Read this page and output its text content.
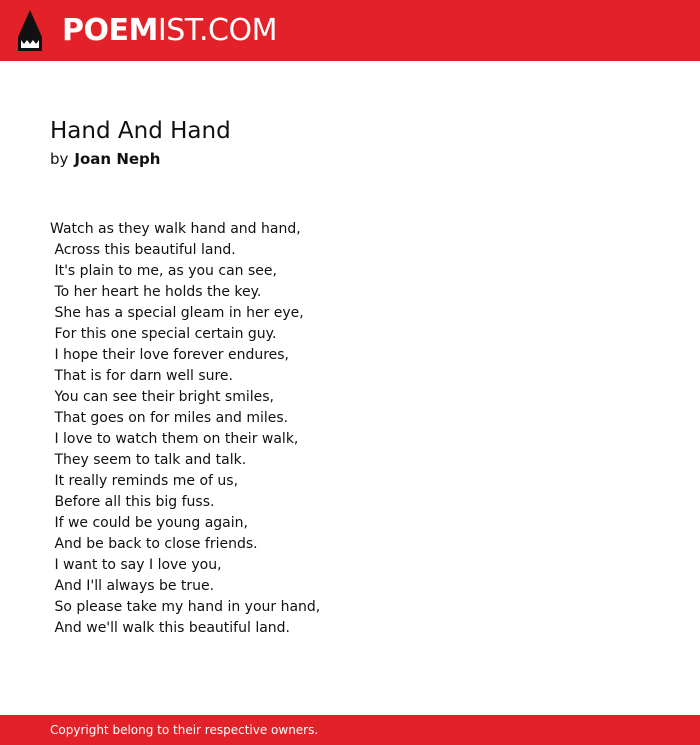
POEMIST.COM
Hand And Hand
by Joan Neph
Watch as they walk hand and hand,
Across this beautiful land.
It's plain to me, as you can see,
To her heart he holds the key.
She has a special gleam in her eye,
For this one special certain guy.
I hope their love forever endures,
That is for darn well sure.
You can see their bright smiles,
That goes on for miles and miles.
I love to watch them on their walk,
They seem to talk and talk.
It really reminds me of us,
Before all this big fuss.
If we could be young again,
And be back to close friends.
I want to say I love you,
And I'll always be true.
So please take my hand in your hand,
And we'll walk this beautiful land.
Copyright belong to their respective owners.
